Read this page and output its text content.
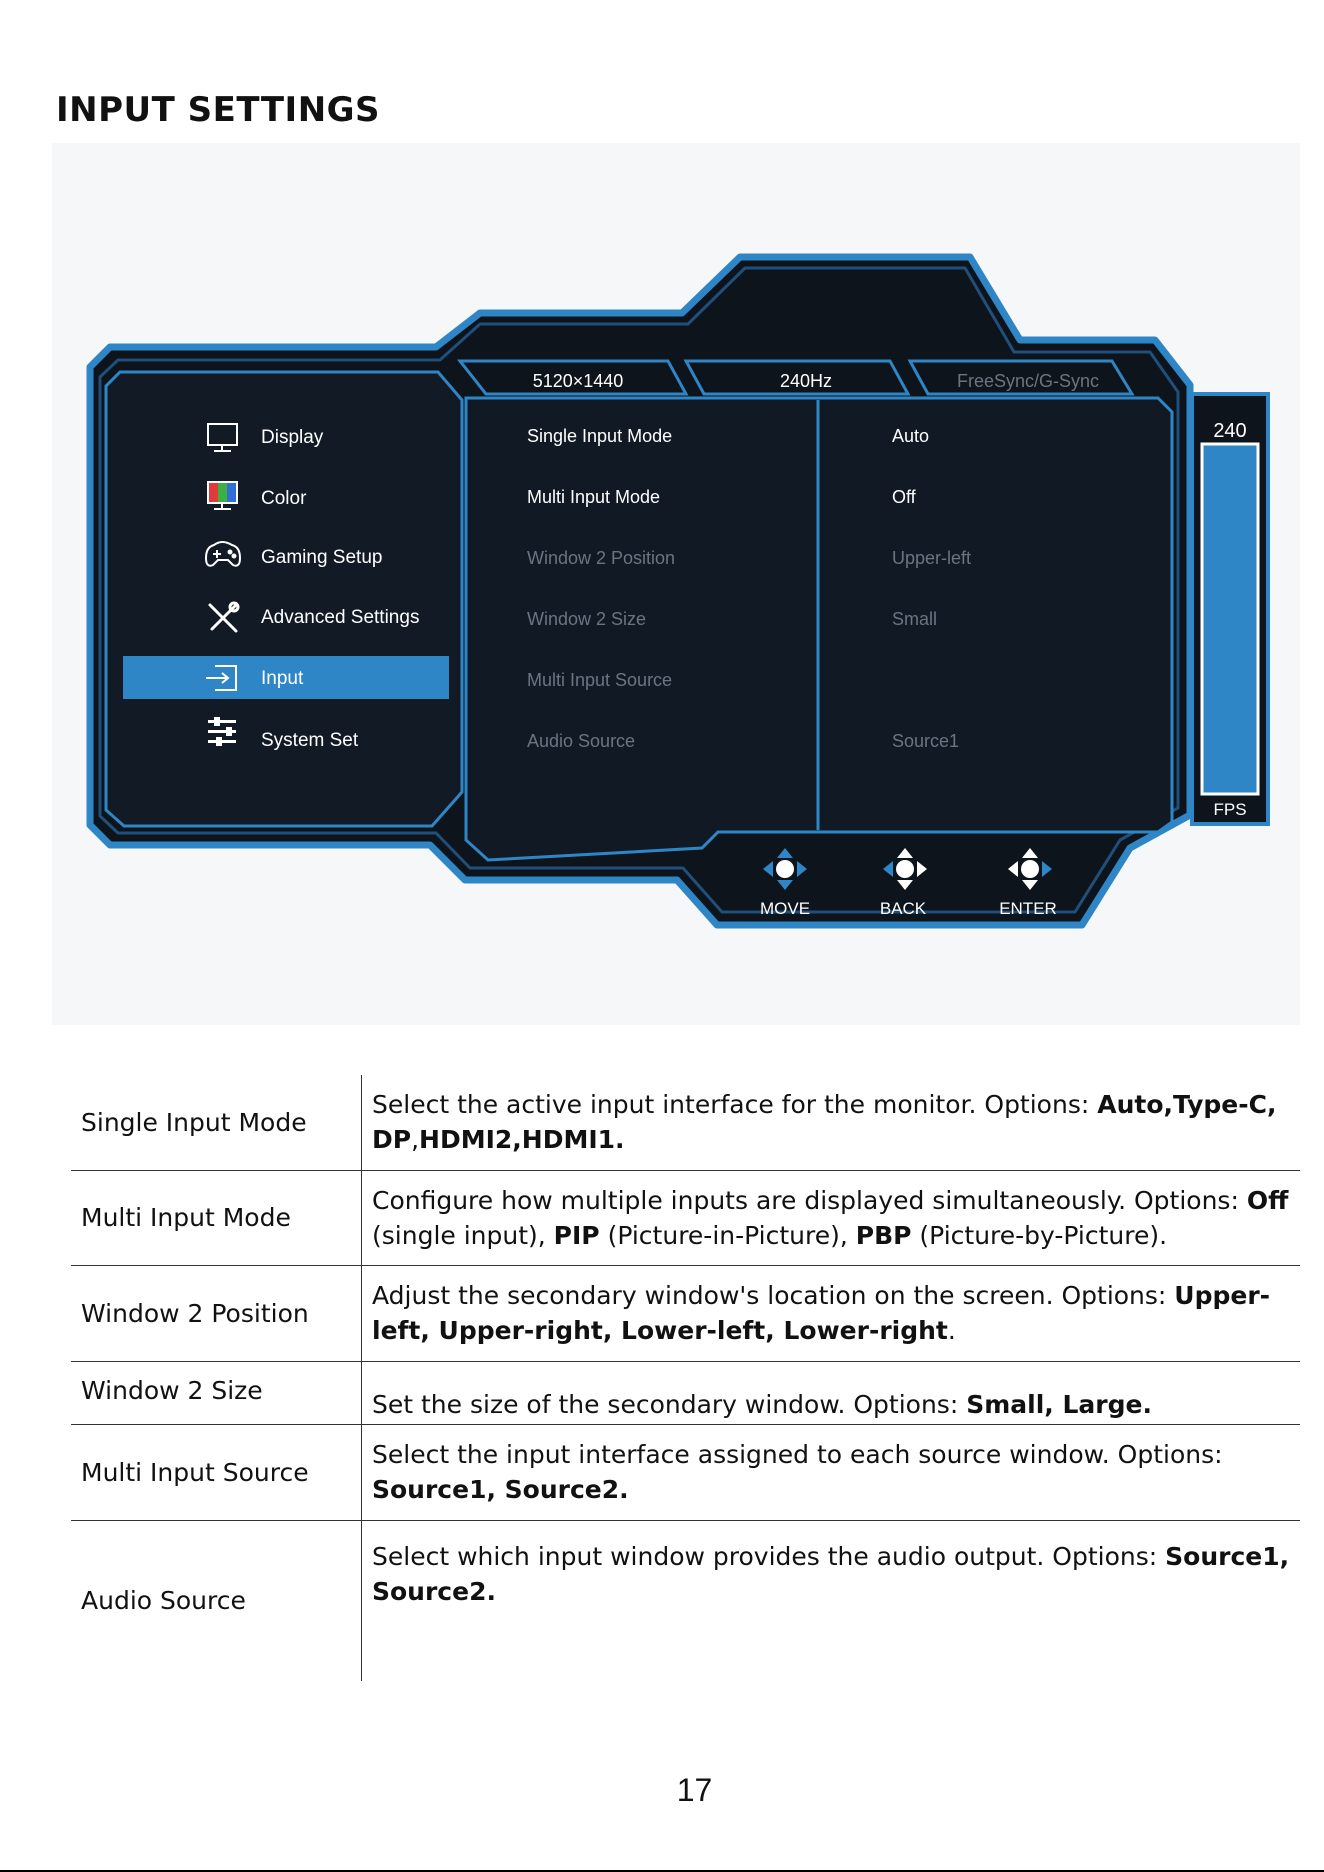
INPUT SETTINGS
5120×1440	240Hz	FreeSync/G-Sync
240
FPS
Display
Color
Gaming Setup
Advanced Settings
Input
System Set
Single Input Mode
Multi Input Mode
Window 2 Position
Window 2 Size
Multi Input Source
Audio Source
Auto
Off
Upper-left
Small
Source1
MOVE	BACK	ENTER
Single Input Mode	Select the active input interface for the monitor. Options: Auto,Type-C, DP,HDMI2,HDMI1.
Multi Input Mode	Configure how multiple inputs are displayed simultaneously. Options: Off (single input), PIP (Picture-in-Picture), PBP (Picture-by-Picture).
Window 2 Position	Adjust the secondary window's location on the screen. Options: Upper-left, Upper-right, Lower-left, Lower-right.
Window 2 Size	Set the size of the secondary window. Options: Small, Large.
Multi Input Source	Select the input interface assigned to each source window. Options: Source1, Source2.
Audio Source	Select which input window provides the audio output. Options: Source1, Source2.
17
